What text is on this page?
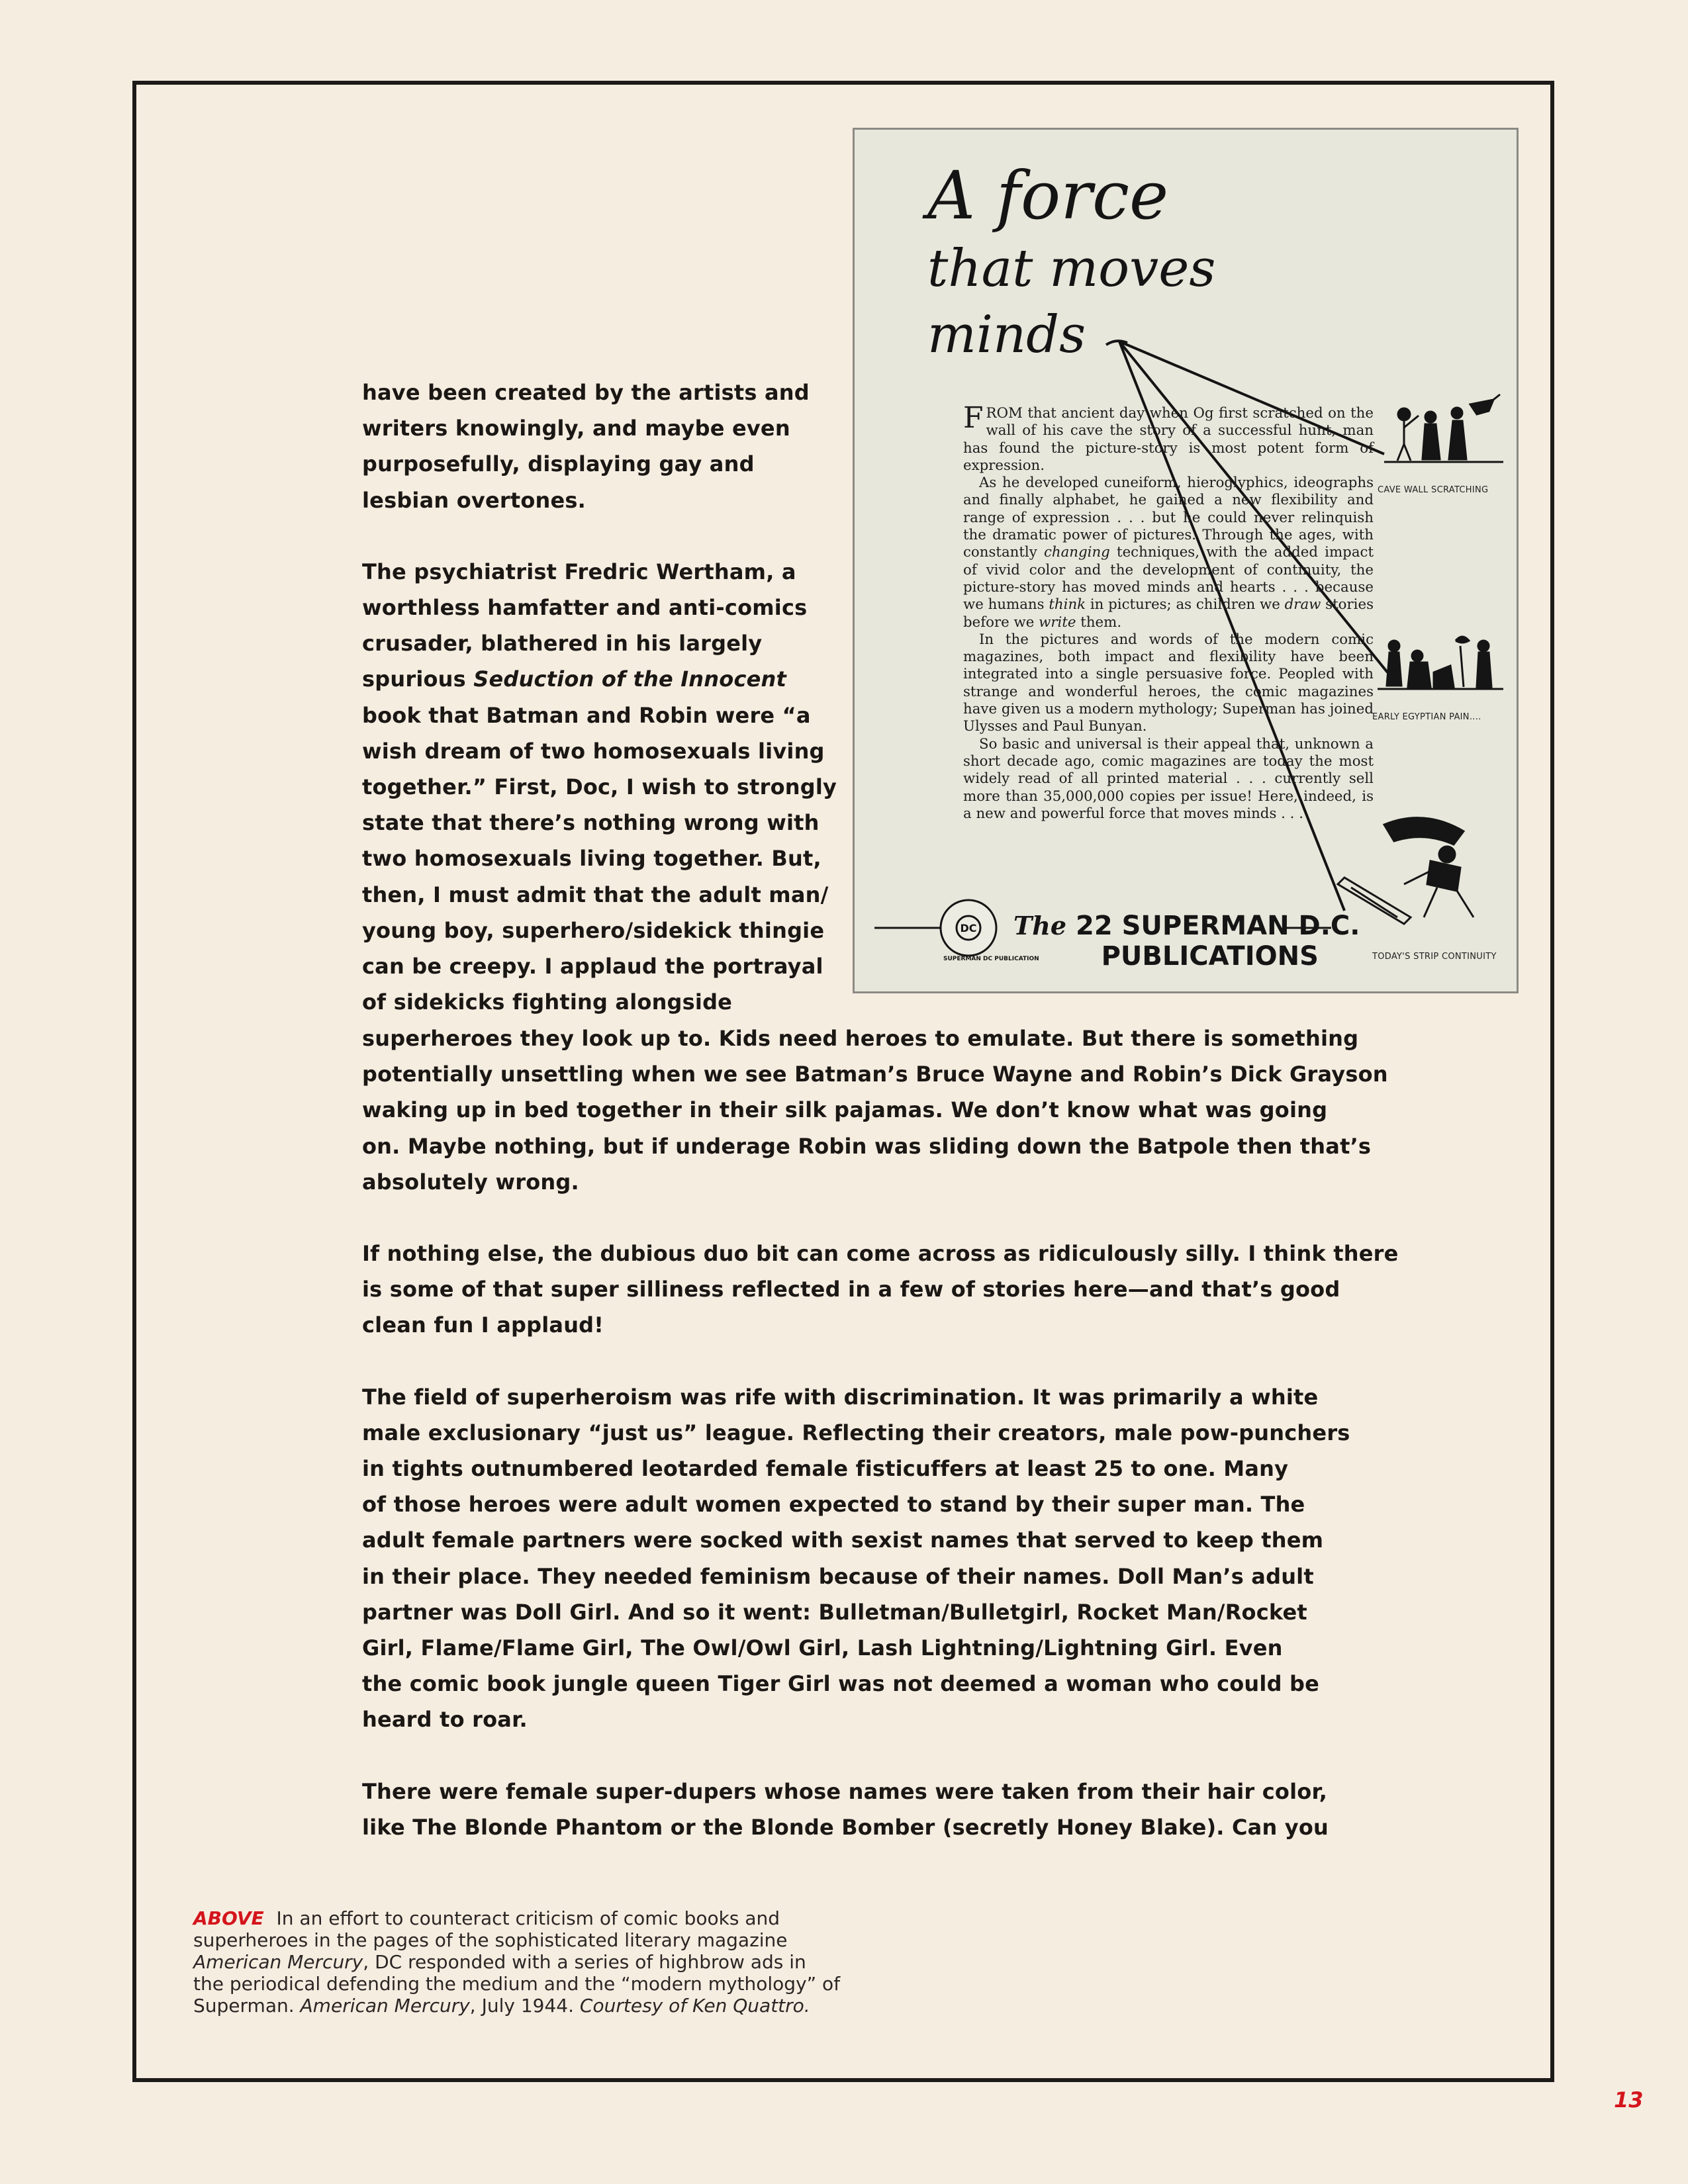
have been created by the artists and
writers knowingly, and maybe even
purposefully, displaying gay and
lesbian overtones.

The psychiatrist Fredric Wertham, a
worthless hamfatter and anti-comics
crusader, blathered in his largely
spurious Seduction of the Innocent
book that Batman and Robin were “a
wish dream of two homosexuals living
together.” First, Doc, I wish to strongly
state that there’s nothing wrong with
two homosexuals living together. But,
then, I must admit that the adult man/
young boy, superhero/sidekick thingie
can be creepy. I applaud the portrayal
of sidekicks fighting alongside

superheroes they look up to. Kids need heroes to emulate. But there is something
potentially unsettling when we see Batman’s Bruce Wayne and Robin’s Dick Grayson
waking up in bed together in their silk pajamas. We don’t know what was going
on. Maybe nothing, but if underage Robin was sliding down the Batpole then that’s
absolutely wrong.

If nothing else, the dubious duo bit can come across as ridiculously silly. I think there
is some of that super silliness reflected in a few of stories here—and that’s good
clean fun I applaud!

The field of superheroism was rife with discrimination. It was primarily a white
male exclusionary “just us” league. Reflecting their creators, male pow-punchers
in tights outnumbered leotarded female fisticuffers at least 25 to one. Many
of those heroes were adult women expected to stand by their super man. The
adult female partners were socked with sexist names that served to keep them
in their place. They needed feminism because of their names. Doll Man’s adult
partner was Doll Girl. And so it went: Bulletman/Bulletgirl, Rocket Man/Rocket
Girl, Flame/Flame Girl, The Owl/Owl Girl, Lash Lightning/Lightning Girl. Even
the comic book jungle queen Tiger Girl was not deemed a woman who could be
heard to roar.

There were female super-dupers whose names were taken from their hair color,
like The Blonde Phantom or the Blonde Bomber (secretly Honey Blake). Can you

A force
that moves
minds

FROM that ancient day when Og first scratched on the wall of his cave the story of a successful hunt, man has found the picture-story is most potent form of expression.

As he developed cuneiform, hieroglyphics, ideographs and finally alphabet, he gained a new flexibility and range of expression . . . but he could never relinquish the dramatic power of pictures. Through the ages, with constantly changing techniques, with the added impact of vivid color and the development of continuity, the picture-story has moved minds and hearts . . . because we humans think in pictures; as children we draw stories before we write them.

In the pictures and words of the modern comic magazines, both impact and flexibility have been integrated into a single persuasive force. Peopled with strange and wonderful heroes, the comic magazines have given us a modern mythology; Superman has joined Ulysses and Paul Bunyan.

So basic and universal is their appeal that, unknown a short decade ago, comic magazines are today the most widely read of all printed material . . . currently sell more than 35,000,000 copies per issue! Here, indeed, is a new and powerful force that moves minds . . .

CAVE WALL SCRATCHING
EARLY EGYPTIAN PAIN....
TODAY'S STRIP CONTINUITY
DC
SUPERMAN DC PUBLICATION
The 22 SUPERMAN D.C.
PUBLICATIONS
ABOVE In an effort to counteract criticism of comic books and
superheroes in the pages of the sophisticated literary magazine
American Mercury, DC responded with a series of highbrow ads in
the periodical defending the medium and the “modern mythology” of
Superman. American Mercury, July 1944. Courtesy of Ken Quattro.
13
